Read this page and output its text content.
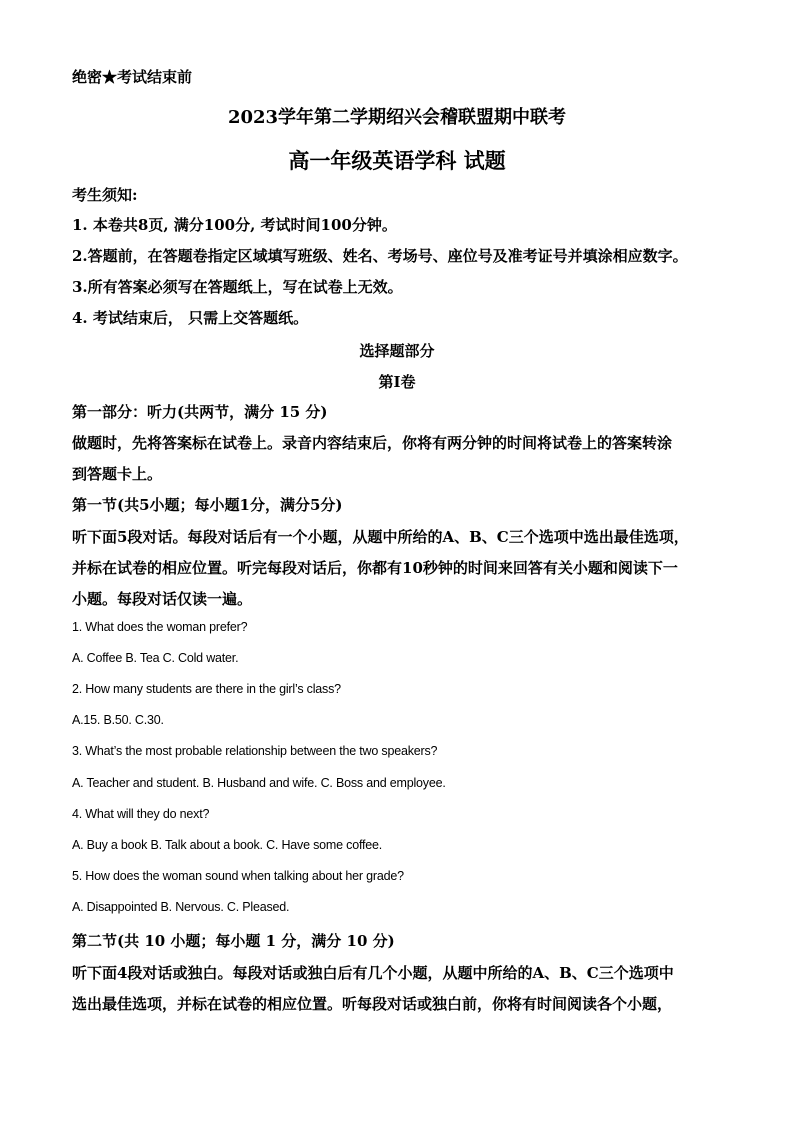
绝密★考试结束前
2023学年第二学期绍兴会稽联盟期中联考
高一年级英语学科 试题
考生须知:
1. 本卷共8页, 满分100分, 考试时间100分钟。
2.答题前，在答题卷指定区域填写班级、姓名、考场号、座位号及准考证号并填涂相应数字。
3.所有答案必须写在答题纸上，写在试卷上无效。
4. 考试结束后， 只需上交答题纸。
选择题部分
第I卷
第一部分：听力(共两节，满分 15 分)
做题时，先将答案标在试卷上。录音内容结束后，你将有两分钟的时间将试卷上的答案转涂
到答题卡上。
第一节(共5小题；每小题1分，满分5分)
听下面5段对话。每段对话后有一个小题，从题中所给的A、B、C三个选项中选出最佳选项，
并标在试卷的相应位置。听完每段对话后，你都有10秒钟的时间来回答有关小题和阅读下一
小题。每段对话仅读一遍。
1. What does the woman prefer?
A. Coffee B. Tea C. Cold water.
2. How many students are there in the girl’s class?
A.15. B.50. C.30.
3. What’s the most probable relationship between the two speakers?
A. Teacher and student. B. Husband and wife. C. Boss and employee.
4. What will they do next?
A. Buy a book B. Talk about a book. C. Have some coffee.
5. How does the woman sound when talking about her grade?
A. Disappointed B. Nervous. C. Pleased.
第二节(共 10 小题；每小题 1 分，满分 10 分)
听下面4段对话或独白。每段对话或独白后有几个小题，从题中所给的A、B、C三个选项中
选出最佳选项，并标在试卷的相应位置。听每段对话或独白前，你将有时间阅读各个小题，
